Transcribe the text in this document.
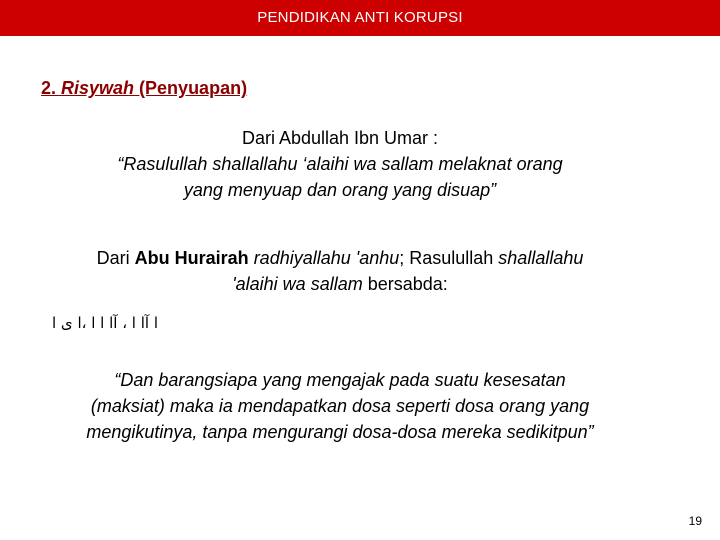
PENDIDIKAN ANTI KORUPSI
2. Risywah (Penyuapan)
Dari Abdullah Ibn Umar :
“Rasulullah shallallahu ‘alaihi wa sallam melaknat orang
yang menyuap dan orang yang disuap”
Dari Abu Hurairah radhiyallahu 'anhu; Rasulullah shallallahu
'alaihi wa sallam bersabda:
ا آا ا ، آا ا ا ،ا ی ا
“Dan barangsiapa yang mengajak pada suatu kesesatan
(maksiat) maka ia mendapatkan dosa seperti dosa orang yang
mengikutinya, tanpa mengurangi dosa-dosa mereka sedikitpun”
19
